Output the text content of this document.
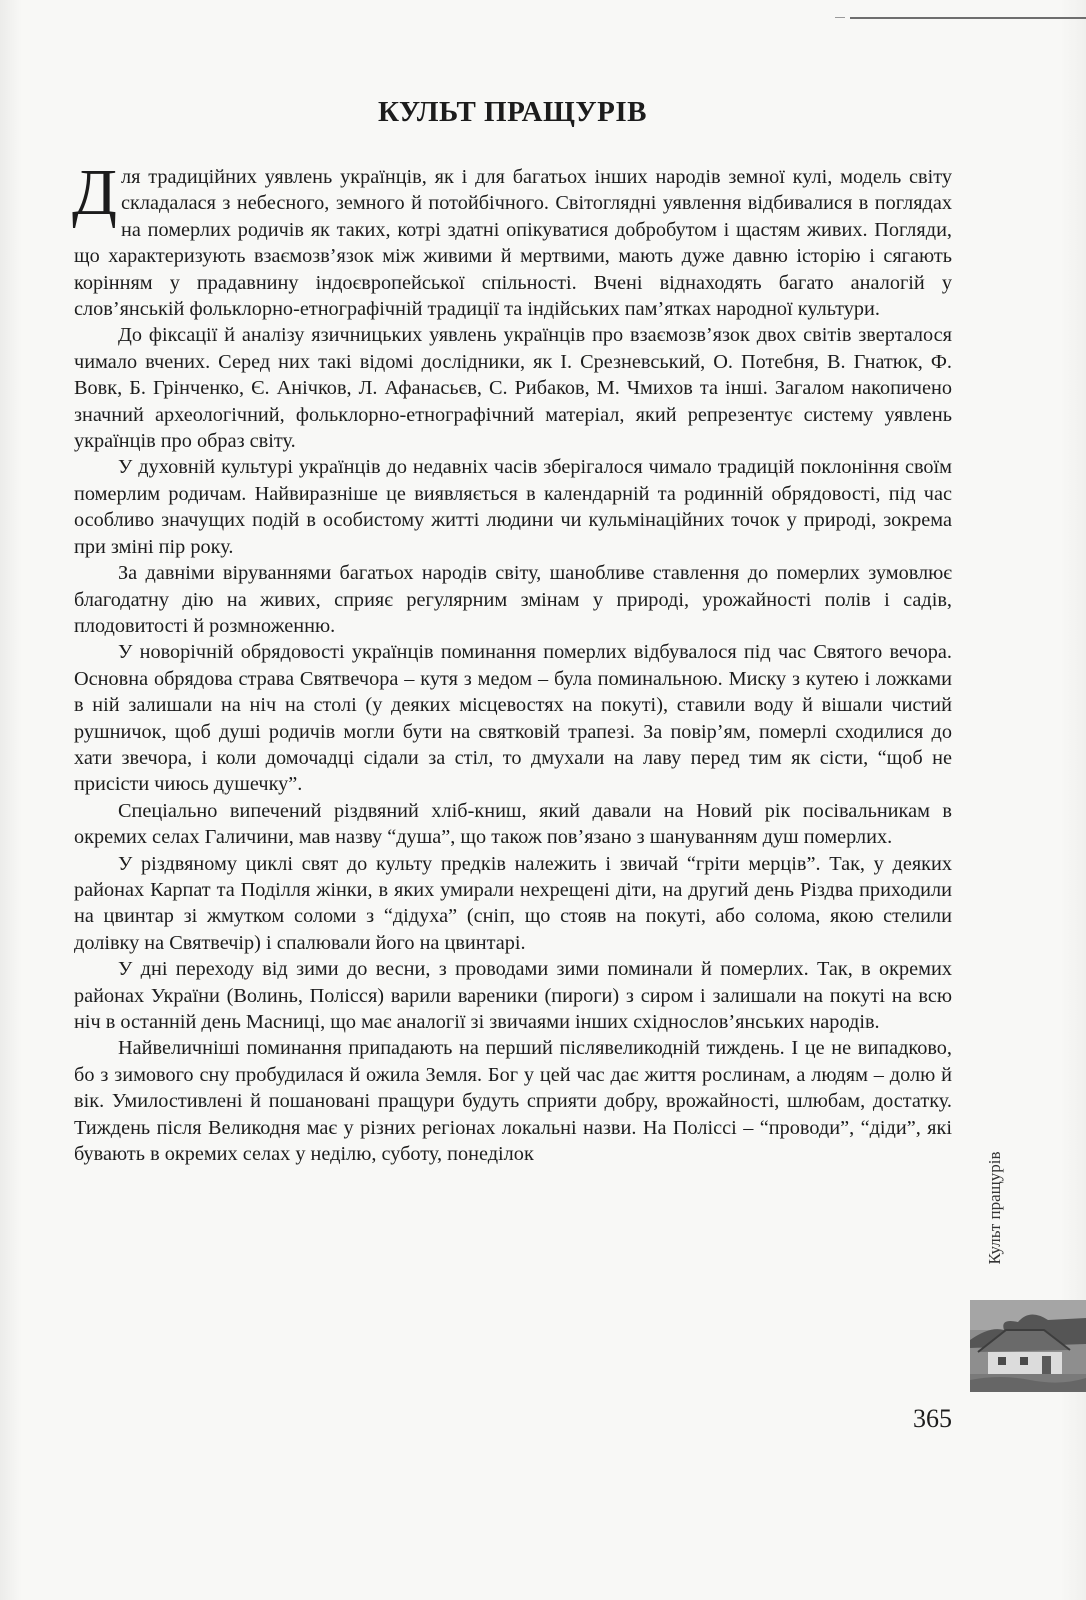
КУЛЬТ ПРАЩУРІВ

Для традиційних уявлень українців, як і для багатьох інших народів земної кулі, модель світу складалася з небесного, земного й потойбічного. Світоглядні уявлення відбивалися в поглядах на померлих родичів як таких, котрі здатні опікуватися добробутом і щастям живих. Погляди, що характеризують взаємозв’язок між живими й мертвими, мають дуже давню історію і сягають корінням у прадавнину індоєвропейської спільності. Вчені віднаходять багато аналогій у слов’янській фольклорно-етнографічній традиції та індійських пам’ятках народної культури.

До фіксації й аналізу язичницьких уявлень українців про взаємозв’язок двох світів зверталося чимало вчених. Серед них такі відомі дослідники, як І. Срезневський, О. Потебня, В. Гнатюк, Ф. Вовк, Б. Грінченко, Є. Анічков, Л. Афанасьєв, С. Рибаков, М. Чмихов та інші. Загалом накопичено значний археологічний, фольклорно-етнографічний матеріал, який репрезентує систему уявлень українців про образ світу.

У духовній культурі українців до недавніх часів зберігалося чимало традицій поклоніння своїм померлим родичам. Найвиразніше це виявляється в календарній та родинній обрядовості, під час особливо значущих подій в особистому житті людини чи кульмінаційних точок у природі, зокрема при зміні пір року.

За давніми віруваннями багатьох народів світу, шанобливе ставлення до померлих зумовлює благодатну дію на живих, сприяє регулярним змінам у природі, урожайності полів і садів, плодовитості й розмноженню.

У новорічній обрядовості українців поминання померлих відбувалося під час Святого вечора. Основна обрядова страва Святвечора – кутя з медом – була поминальною. Миску з кутею і ложками в ній залишали на ніч на столі (у деяких місцевостях на покуті), ставили воду й вішали чистий рушничок, щоб душі родичів могли бути на святковій трапезі. За повір’ям, померлі сходилися до хати звечора, і коли домочадці сідали за стіл, то дмухали на лаву перед тим як сісти, “щоб не присісти чиюсь душечку”.

Спеціально випечений різдвяний хліб-книш, який давали на Новий рік посівальникам в окремих селах Галичини, мав назву “душа”, що також пов’язано з шануванням душ померлих.

У різдвяному циклі свят до культу предків належить і звичай “гріти мерців”. Так, у деяких районах Карпат та Поділля жінки, в яких умирали нехрещені діти, на другий день Різдва приходили на цвинтар зі жмутком соломи з “дідуха” (сніп, що стояв на покуті, або солома, якою стелили долівку на Святвечір) і спалювали його на цвинтарі.

У дні переходу від зими до весни, з проводами зими поминали й померлих. Так, в окремих районах України (Волинь, Полісся) варили вареники (пироги) з сиром і залишали на покуті на всю ніч в останній день Масниці, що має аналогії зі звичаями інших східнослов’янських народів.

Найвеличніші поминання припадають на перший післявеликодній тиждень. І це не випадково, бо з зимового сну пробудилася й ожила Земля. Бог у цей час дає життя рослинам, а людям – долю й вік. Умилостивлені й пошановані пращури будуть сприяти добру, врожайності, шлюбам, достатку. Тиждень після Великодня має у різних регіонах локальні назви. На Поліссі – “проводи”, “діди”, які бувають в окремих селах у неділю, суботу, понеділок	Культ пращурів
365
